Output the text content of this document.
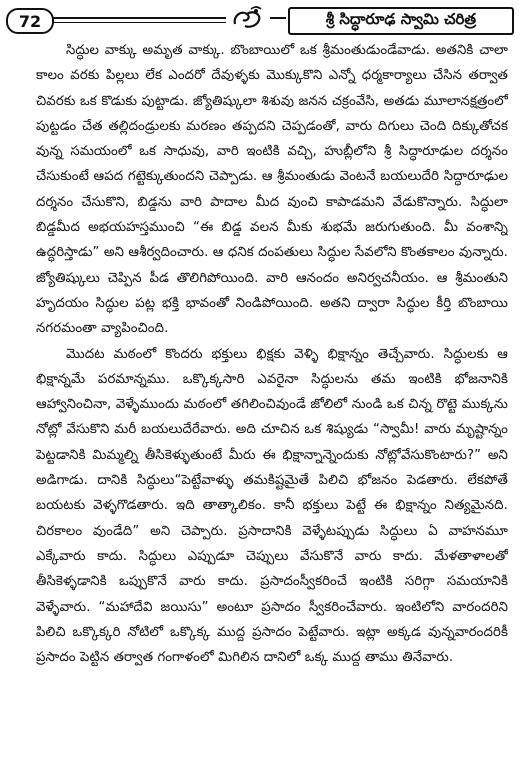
72	శ్రీ సిద్ధారూఢ స్వామి చరిత్ర

సిద్ధుల వాక్కు అమృత వాక్కు. బొంబాయిలో ఒక శ్రీమంతుడుండేవాడు. అతనికి చాలా కాలం వరకు పిల్లలు లేక ఎందరో దేవుళ్ళకు మొక్కుకొని ఎన్నో ధర్మకార్యాలు చేసిన తర్వాత చివరకు ఒక కొడుకు పుట్టాడు. జ్యోతిష్కులా శిశువు జనన చక్రంవేసి, అతడు మూలానక్షత్రంలో పుట్టడం చేత తల్లిదండ్రులకు మరణం తప్పదని చెప్పడంతో, వారు దిగులు చెంది దిక్కుతోచక వున్న సమయంలో ఒక సాధువు, వారి ఇంటికి వచ్చి, హుబ్లీలోని శ్రీ సిద్ధారూఢుల దర్శనం చేసుకుంటే ఆపద గట్టెక్కుతుందని చెప్పాడు. ఆ శ్రీమంతుడు వెంటనే బయలుదేరి సిద్ధారూఢుల దర్శనం చేసుకొని, బిడ్డను వారి పాదాల మీద వుంచి కాపాడమని వేడుకొన్నారు. సిద్ధులా బిడ్డమీద అభయహస్తముంచి “ఈ బిడ్డ వలన మీకు శుభమే జరుగుతుంది. మీ వంశాన్ని ఉద్ధరిస్తాడు” అని ఆశీర్వదించారు. ఆ ధనిక దంపతులు సిద్ధుల సేవలోని కొంతకాలం వున్నారు. జ్యోతిష్కులు చెప్పిన పీడ తొలిగిపోయింది. వారి ఆనందం అనిర్వచనీయం. ఆ శ్రీమంతుని హృదయం సిద్ధుల పట్ల భక్తి భావంతో నిండిపోయింది. అతని ద్వారా సిద్ధుల కీర్తి బొంబాయి నగరమంతా వ్యాపించింది.

మొదట మఠంలో కొందరు భక్తులు భిక్షకు వెళ్ళి భిక్షాన్నం తెచ్చేవారు. సిద్ధులకు ఆ భిక్షాన్నమే పరమాన్నము. ఒక్కొక్కసారి ఎవరైనా సిద్ధులను తమ ఇంటికి భోజనానికి ఆహ్వానించినా, వెళ్ళేముందు మఠంలో తగిలించివుండే జోలిలో నుండి ఒక చిన్న రొట్టె ముక్కను నోట్లో వేసుకొని మరీ బయలుదేరేవారు. అది చూచిన ఒక శిష్యుడు “స్వామీ! వారు మృష్టాన్నం పెట్టడానికి మిమ్మల్ని తీసికెళ్ళుతుంటే మీరు ఈ భిక్షాన్నాన్నెందుకు నోట్లోవేసుకొంటారు?” అని అడిగాడు. దానికి సిద్ధులు“పెట్టేవాళ్ళు తమకిష్టమైతే పిలిచి భోజనం పెడతారు. లేకపోతే బయటకు వెళ్ళగొడతారు. ఇది తాత్కాలికం. కానీ భక్తులు పెట్టే ఈ భిక్షాన్నం నిత్యమైనది. చిరకాలం వుండేది” అని చెప్పారు. ప్రసాదానికి వెళ్ళేటప్పుడు సిద్ధులు ఏ వాహనమూ ఎక్కేవారు కాదు. సిద్ధులు ఎప్పుడూ చెప్పులు వేసుకొనే వారు కాదు. మేళతాళాలతో తీసికెళ్ళడానికి ఒప్పుకొనే వారు కాదు. ప్రసాదంస్వీకరించే ఇంటికి సరిగ్గా సమయానికి వెళ్ళేవారు. “మహాదేవి జయిసు” అంటూ ప్రసాదం స్వీకరించేవారు. ఇంటిలోని వారందరిని పిలిచి ఒక్కొక్కరి నోటిలో ఒక్కొక్క ముద్ద ప్రసాదం పెట్టేవారు. ఇట్లా అక్కడ వున్నవారందరికీ ప్రసాదం పెట్టిన తర్వాత గంగాళంలో మిగిలిన దానిలో ఒక్క ముద్ద తాము తినేవారు.
